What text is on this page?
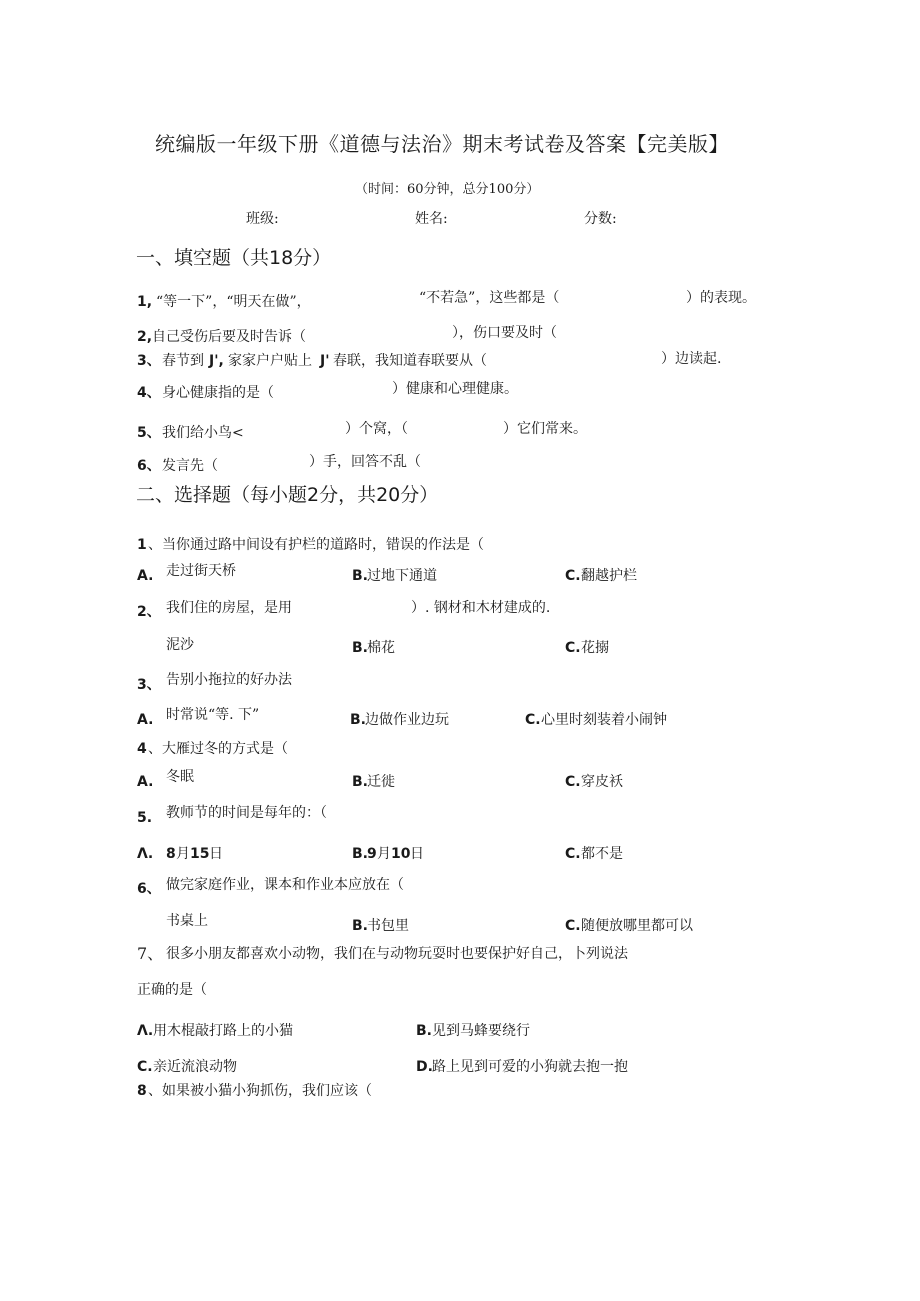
统编版一年级下册《道德与法治》期末考试卷及答案【完美版】
（时间：60分钟，总分100分）
班级:	姓名:	分数:
一、填空题（共18分）
1, “等一下”，“明天在做”，	“不若急”，这些都是（	）的表现。
2, 自己受伤后要及时告诉（	），伤口要及时（
3、 春节到 J', 家家户户贴上 J' 春联，我知道春联要从（	）边读起.
4、 身心健康指的是（	）健康和心理健康。
5、 我们给小鸟<	）个窝，（	）它们常来。
6、 发言先（	）手，回答不乱（
二、选择题（每小题2分，共20分）
1 、当你通过路中间设有护栏的道路时，错误的作法是（
A. 走过街天桥	B. 过地下通道	C. 翻越护栏
2、 我们住的房屋，是用	）. 钢材和木材建成的.
泥沙	B. 棉花	C. 花搦
3、 告别小拖拉的好办法
A. 时常说“等. 下”	B. 边做作业边玩	C. 心里时刻装着小闹钟
4 、大雁过冬的方式是（
A. 冬眠	B. 迁徙	C. 穿皮袄
5. 教师节的时间是每年的：（
Λ. 8 月 15 日	B. 9 月 10 日	C. 都不是
6、 做完家庭作业，课本和作业本应放在（
书桌上	B. 书包里	C. 随便放哪里都可以
7、 很多小朋友都喜欢小动物，我们在与动物玩耍时也要保护好自己，卜列说法
正确的是（
Λ. 用木棍敲打路上的小猫	B. 见到马蜂要绕行
C. 亲近流浪动物	D. 路上见到可爱的小狗就去抱一抱
8 、如果被小猫小狗抓伤，我们应该（
